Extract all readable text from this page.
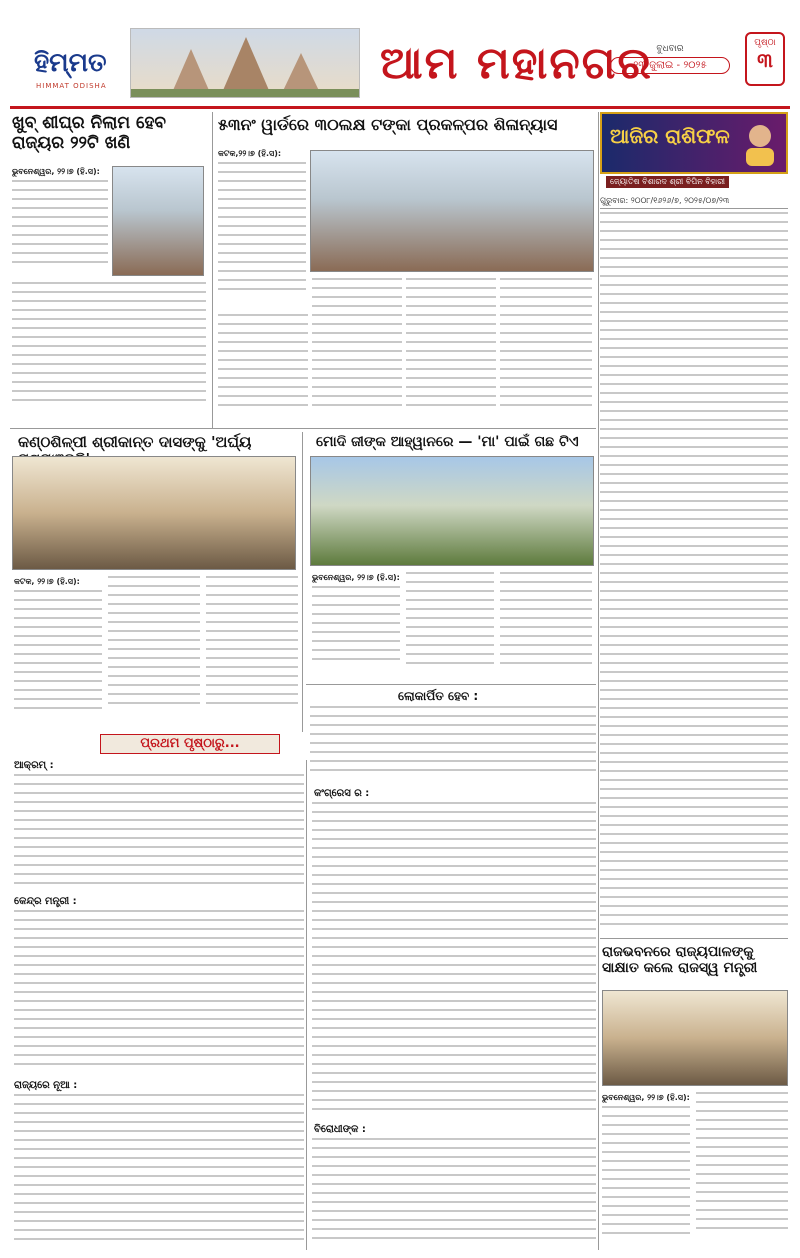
ହିମ୍ମତ
HIMMAT ODISHA	ଆମ ମହାନଗର ବୁଧବାର
୨୩ ଜୁଲାଇ - ୨୦୨୫
ପୃଷ୍ଠା
୩
ଖୁବ୍ ଶୀଘ୍ର ନିଲାମ ହେବ ରାଜ୍ୟର ୨୨ଟି ଖଣି
ଭୁବନେଶ୍ୱର, ୨୨।୭ (ହି.ସ):
୫୩ନଂ ୱାର୍ଡରେ ୩୦ଲକ୍ଷ ଟଙ୍କା ପ୍ରକଳ୍ପର ଶିଳାନ୍ୟାସ
କଟକ,୨୨।୭ (ହି.ସ):
କଣ୍ଠଶିଳ୍ପୀ ଶ୍ରୀକାନ୍ତ ଦାସଙ୍କୁ 'ଅର୍ଘ୍ୟ
କଟକ, ୨୨।୭ (ହି.ସ):
ମୋଦି ଜୀଙ୍କ ଆହ୍ୱାନରେ — 'ମା' ପାଇଁ ଗଛ ଟିଏ
ଭୁବନେଶ୍ୱର, ୨୨।୭ (ହି.ସ):
ଲୋକାର୍ପିତ ହେବ :
ପ୍ରଥମ ପୃଷ୍ଠାରୁ...
ଆକ୍ରମ୍ :
କେନ୍ଦ୍ର ମନ୍ତ୍ରୀ :
ରାଜ୍ୟରେ ନୂଆ :
କଂଗ୍ରେସ ର :
ବିରୋଧୀଙ୍କ :
ଆଜିର ରାଶିଫଳ
ଜ୍ୟୋତିଷ ବିଶାରଦ ଶ୍ରୀ ବିପିନ ବିହାରୀ
ଗୁରୁବାର: ୨୦୦୮/୧୬୨୬/୭, ୨୦୨୫/୦୭/୨୩
ରାଜଭବନରେ ରାଜ୍ୟପାଳଙ୍କୁ ସାକ୍ଷାତ କଲେ ରାଜସ୍ୱ ମନ୍ତ୍ରୀ
ଭୁବନେଶ୍ୱର, ୨୨।୭ (ହି.ସ):
